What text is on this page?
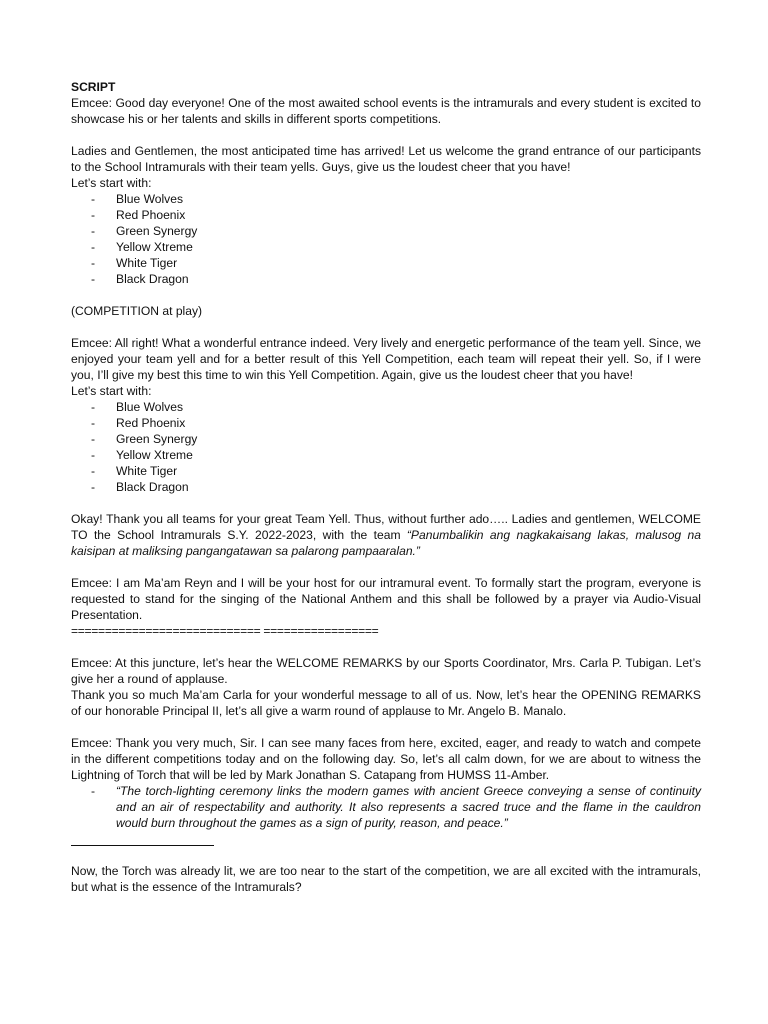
SCRIPT

Emcee: Good day everyone! One of the most awaited school events is the intramurals and every student is excited to showcase his or her talents and skills in different sports competitions.

Ladies and Gentlemen, the most anticipated time has arrived! Let us welcome the grand entrance of our participants to the School Intramurals with their team yells. Guys, give us the loudest cheer that you have!

Let’s start with:

-	Blue Wolves
-	Red Phoenix
-	Green Synergy
-	Yellow Xtreme
-	White Tiger
-	Black Dragon

(COMPETITION at play)

Emcee: All right! What a wonderful entrance indeed. Very lively and energetic performance of the team yell. Since, we enjoyed your team yell and for a better result of this Yell Competition, each team will repeat their yell. So, if I were you, I’ll give my best this time to win this Yell Competition. Again, give us the loudest cheer that you have!

Let’s start with:

-	Blue Wolves
-	Red Phoenix
-	Green Synergy
-	Yellow Xtreme
-	White Tiger
-	Black Dragon

Okay! Thank you all teams for your great Team Yell. Thus, without further ado….. Ladies and gentlemen, WELCOME TO the School Intramurals S.Y. 2022-2023, with the team “Panumbalikin ang nagkakaisang lakas, malusog na kaisipan at maliksing pangangatawan sa palarong pampaaralan.”

Emcee: I am Ma’am Reyn and I will be your host for our intramural event. To formally start the program, everyone is requested to stand for the singing of the National Anthem and this shall be followed by a prayer via Audio-Visual Presentation.

============================ =================

Emcee: At this juncture, let’s hear the WELCOME REMARKS by our Sports Coordinator, Mrs. Carla P. Tubigan. Let’s give her a round of applause.

Thank you so much Ma’am Carla for your wonderful message to all of us. Now, let’s hear the OPENING REMARKS of our honorable Principal II, let’s all give a warm round of applause to Mr. Angelo B. Manalo.

Emcee: Thank you very much, Sir. I can see many faces from here, excited, eager, and ready to watch and compete in the different competitions today and on the following day. So, let’s all calm down, for we are about to witness the Lightning of Torch that will be led by Mark Jonathan S. Catapang from HUMSS 11-Amber.

-	“The torch-lighting ceremony links the modern games with ancient Greece conveying a sense of continuity and an air of respectability and authority. It also represents a sacred truce and the flame in the cauldron would burn throughout the games as a sign of purity, reason, and peace.”

Now, the Torch was already lit, we are too near to the start of the competition, we are all excited with the intramurals, but what is the essence of the Intramurals?
